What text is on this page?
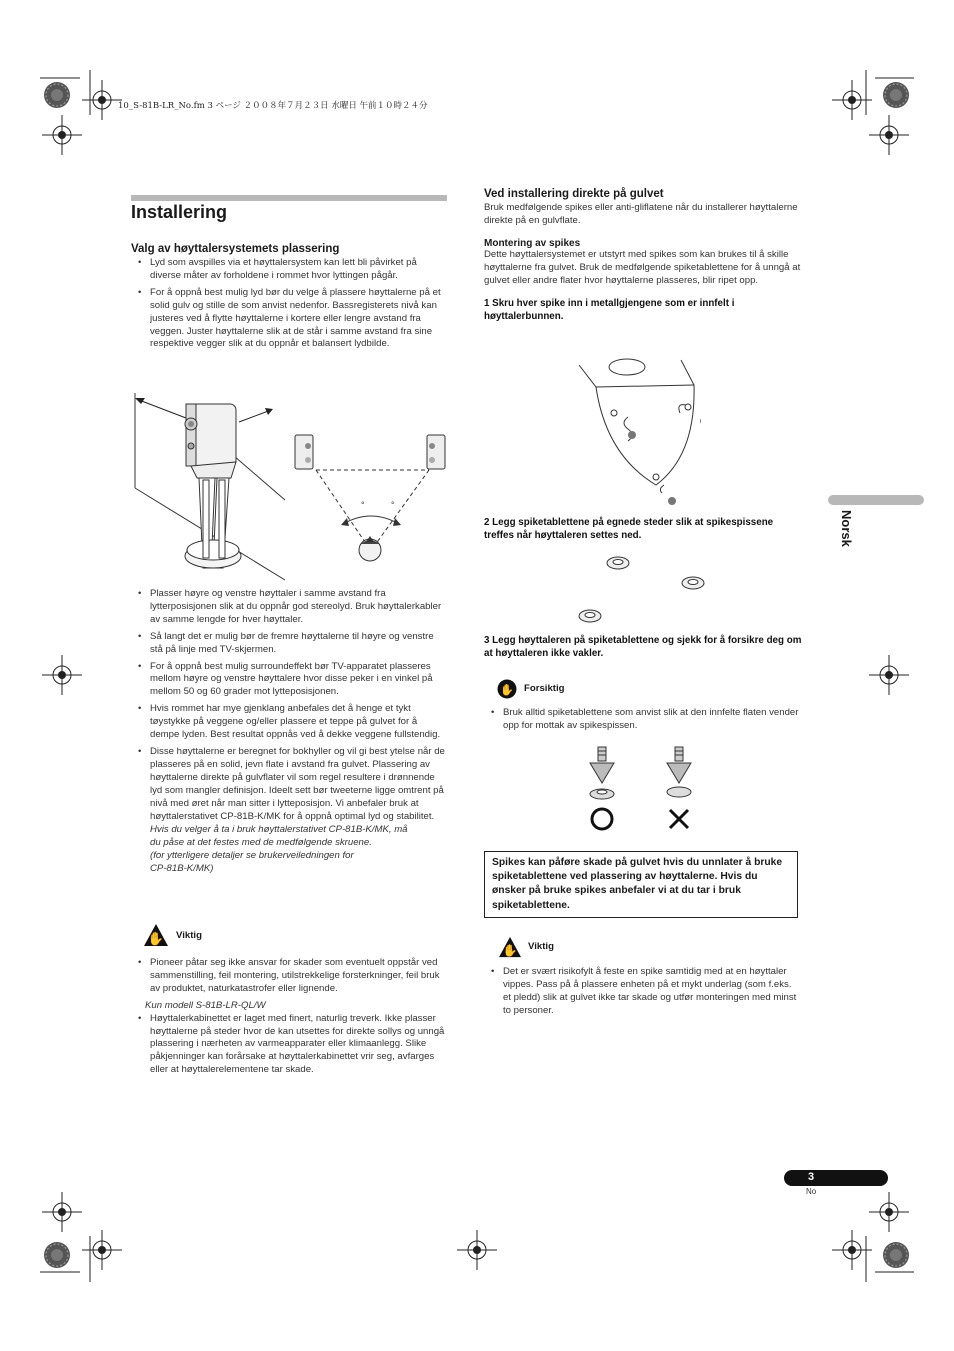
10_S-81B-LR_No.fm 3 ページ ２００８年７月２３日 水曜日 午前１０時２４分
Installering
Valg av høyttalersystemets plassering
• Lyd som avspilles via et høyttalersystem kan lett bli påvirket på diverse måter av forholdene i rommet hvor lyttingen pågår.
• For å oppnå best mulig lyd bør du velge å plassere høyttalerne på et solid gulv og stille de som anvist nedenfor. Bassregisterets nivå kan justeres ved å flytte høyttalerne i kortere eller lengre avstand fra veggen. Juster høyttalerne slik at de står i samme avstand fra sine respektive vegger slik at du oppnår et balansert lydbilde.
°	°
• Plasser høyre og venstre høyttaler i samme avstand fra lytterposisjonen slik at du oppnår god stereolyd. Bruk høyttalerkabler av samme lengde for hver høyttaler.
• Så langt det er mulig bør de fremre høyttalerne til høyre og venstre stå på linje med TV-skjermen.
• For å oppnå best mulig surroundeffekt bør TV-apparatet plasseres mellom høyre og venstre høyttalere hvor disse peker i en vinkel på mellom 50 og 60 grader mot lytteposisjonen.
• Hvis rommet har mye gjenklang anbefales det å henge et tykt tøystykke på veggene og/eller plassere et teppe på gulvet for å dempe lyden. Best resultat oppnås ved å dekke veggene fullstendig.
• Disse høyttalerne er beregnet for bokhyller og vil gi best ytelse når de plasseres på en solid, jevn flate i avstand fra gulvet. Plassering av høyttalerne direkte på gulvflater vil som regel resultere i drønnende lyd som mangler definisjon. Ideelt sett bør tweeterne ligge omtrent på nivå med øret når man sitter i lytteposisjon. Vi anbefaler bruk at høyttalerstativet CP-81B-K/MK for å oppnå optimal lyd og stabilitet.
Hvis du velger å ta i bruk høyttalerstativet CP-81B-K/MK, må
du påse at det festes med de medfølgende skruene.
(for ytterligere detaljer se brukerveiledningen for
CP-81B-K/MK)
✋ Viktig
• Pioneer påtar seg ikke ansvar for skader som eventuelt oppstår ved sammenstilling, feil montering, utilstrekkelige forsterkninger, feil bruk av produktet, naturkatastrofer eller lignende.
Kun modell S-81B-LR-QL/W
• Høyttalerkabinettet er laget med finert, naturlig treverk. Ikke plasser høyttalerne på steder hvor de kan utsettes for direkte sollys og unngå plassering i nærheten av varmeapparater eller klimaanlegg. Slike påkjenninger kan forårsake at høyttalerkabinettet vrir seg, avfarges eller at høyttalerelementene tar skade.
Ved installering direkte på gulvet
Bruk medfølgende spikes eller anti-gliflatene når du installerer høyttalerne direkte på en gulvflate.
Montering av spikes
Dette høyttalersystemet er utstyrt med spikes som kan brukes til å skille høyttalerne fra gulvet. Bruk de medfølgende spiketablettene for å unngå at gulvet eller andre flater hvor høyttalerne plasseres, blir ripet opp.
1 Skru hver spike inn i metallgjengene som er innfelt i høyttalerbunnen.
2 Legg spiketablettene på egnede steder slik at spikespissene treffes når høyttaleren settes ned.
3 Legg høyttaleren på spiketablettene og sjekk for å forsikre deg om at høyttaleren ikke vakler.
✋ Forsiktig
• Bruk alltid spiketablettene som anvist slik at den innfelte flaten vender opp for mottak av spikespissen.
Spikes kan påføre skade på gulvet hvis du unnlater å bruke spiketablettene ved plassering av høyttalerne. Hvis du ønsker på bruke spikes anbefaler vi at du tar i bruk spiketablettene.
✋ Viktig
• Det er svært risikofylt å feste en spike samtidig med at en høyttaler vippes. Pass på å plassere enheten på et mykt underlag (som f.eks. et pledd) slik at gulvet ikke tar skade og utfør monteringen med minst to personer.
Norsk
3
No
